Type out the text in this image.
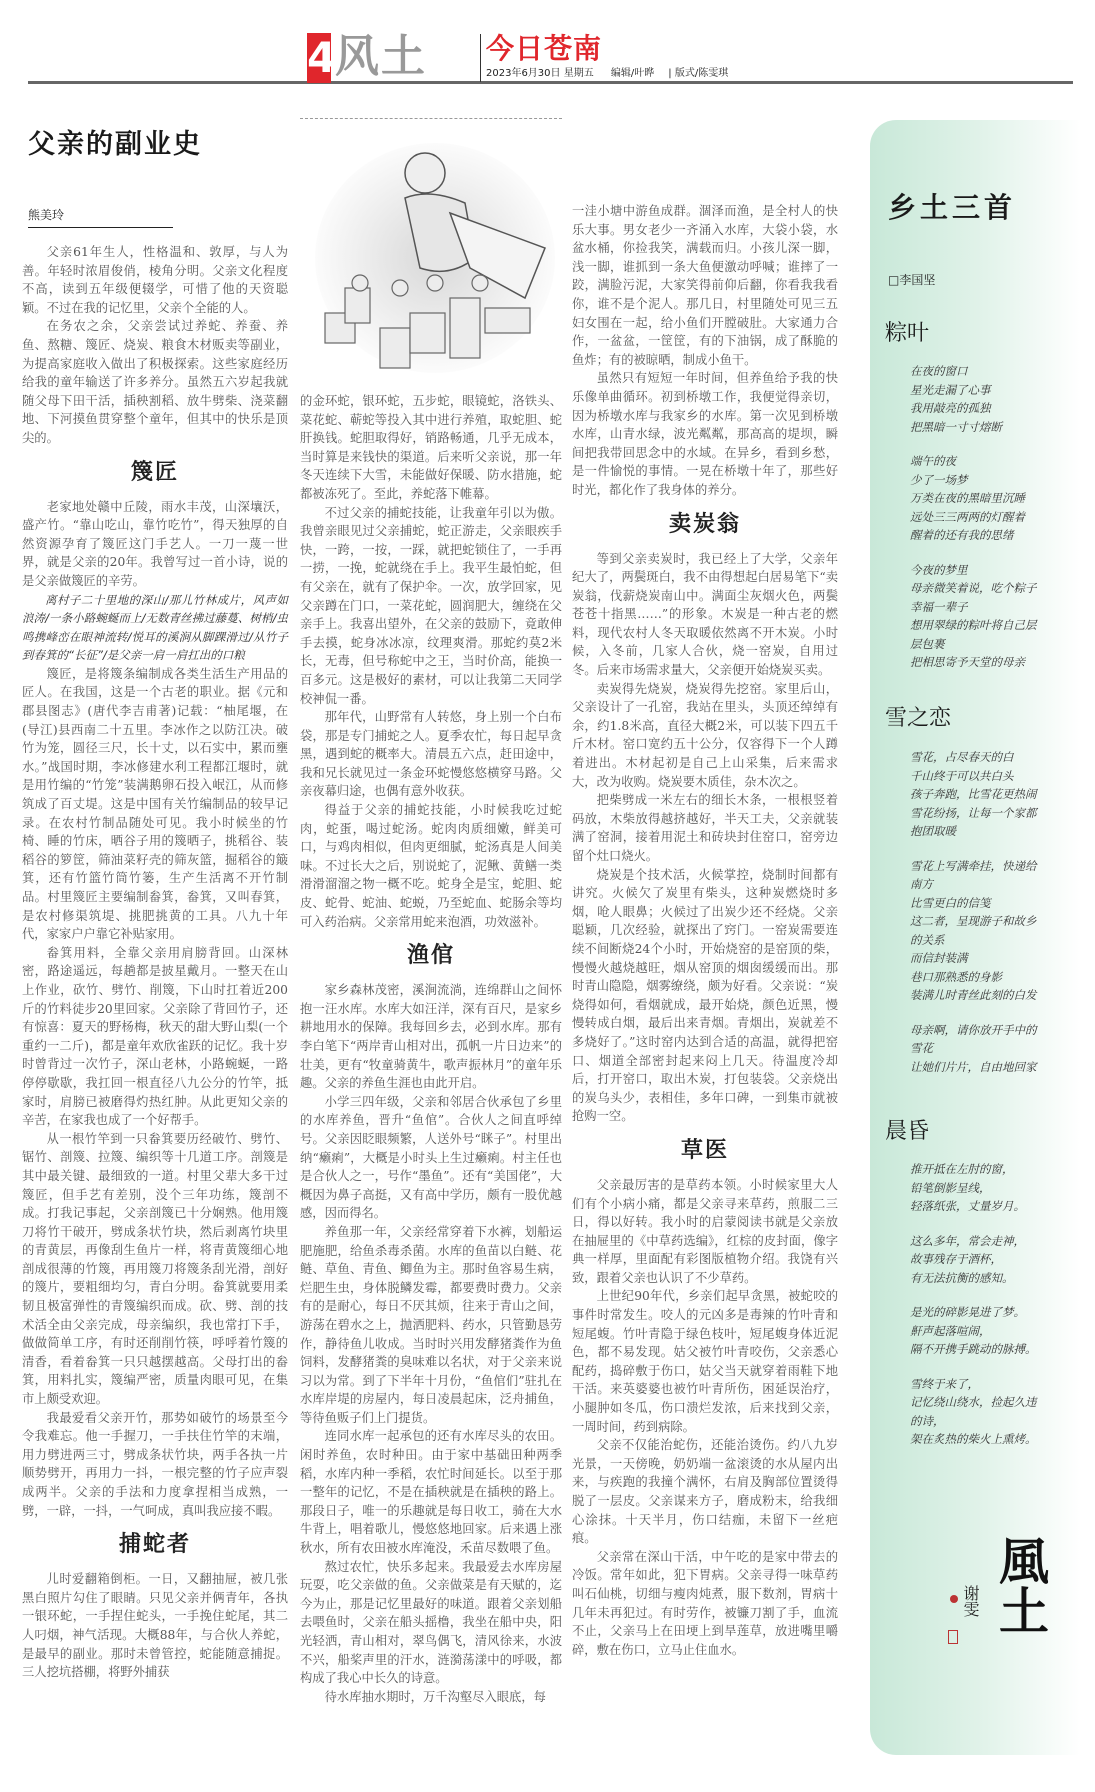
4
风土 今日苍南
2023年6月30日 星期五 编辑/叶晔 | 版式/陈雯琪
父亲的副业史
熊美玲

父亲61年生人，性格温和、敦厚，与人为善。年轻时浓眉俊俏，棱角分明。父亲文化程度不高，读到五年级便辍学，可惜了他的天资聪颖。不过在我的记忆里，父亲个全能的人。

在务农之余，父亲尝试过养蛇、养蚕、养鱼、熬糖、篾匠、烧炭、粮食木材贩卖等副业，为提高家庭收入做出了积极探索。这些家庭经历给我的童年输送了许多养分。虽然五六岁起我就随父母下田干活，插秧割稻、放牛劈柴、浇菜翻地、下河摸鱼贯穿整个童年，但其中的快乐是顶尖的。

篾匠

老家地处赣中丘陵，雨水丰茂，山深壤沃，盛产竹。“靠山吃山，靠竹吃竹”，得天独厚的自然资源孕育了篾匠这门手艺人。一刀一蔑一世界，就是父亲的20年。我曾写过一首小诗，说的是父亲做篾匠的辛劳。

离村子二十里地的深山/那儿竹林成片，风声如浪涛/一条小路蜿蜒而上/无数青丝拂过藤蔓、树梢/虫鸣携峰峦在眼神流转/悦耳的溪涧从脚踝滑过/从竹子到春箕的“长征”/是父亲一肩一肩扛出的口粮

篾匠，是将篾条编制成各类生活生产用品的匠人。在我国，这是一个古老的职业。据《元和郡县图志》(唐代李吉甫著)记载：“柚尾堰，在(导江)县西南二十五里。李冰作之以防江决。破竹为笼，圆径三尺，长十丈，以石实中，累而壅水。”战国时期，李冰修建水利工程都江堰时，就是用竹编的“竹笼”装满鹅卵石投入岷江，从而修筑成了百丈堤。这是中国有关竹编制品的较早记录。在农村竹制品随处可见。我小时候坐的竹椅、睡的竹床，晒谷子用的篾晒子，挑稻谷、装稻谷的箩筐，筛油菜籽壳的筛灰篮，掘稻谷的簸箕，还有竹篮竹筒竹篓，生产生活离不开竹制品。村里篾匠主要编制畚箕，畚箕，又叫春箕，是农村修渠筑堤、挑肥挑黄的工具。八九十年代，家家户户靠它补贴家用。

畚箕用料，全靠父亲用肩膀背回。山深林密，路途遥远，每趟都是披星戴月。一整天在山上作业，砍竹、劈竹、削篾，下山时扛着近200斤的竹料徒步20里回家。父亲除了背回竹子，还有惊喜：夏天的野杨梅，秋天的甜大野山梨(一个重约一二斤)，都是童年欢欣雀跃的记忆。我十岁时曾背过一次竹子，深山老林，小路蜿蜒，一路停停歇歇，我扛回一根直径八九公分的竹竿，抵家时，肩膀已被磨得灼热红肿。从此更知父亲的辛苦，在家我也成了一个好帮手。

从一根竹竿到一只畚箕要历经破竹、劈竹、锯竹、剖篾、拉篾、编织等十几道工序。剖篾是其中最关键、最细致的一道。村里父辈大多干过篾匠，但手艺有差别，没个三年功练，篾剖不成。打我记事起，父亲剖篾已十分娴熟。他用篾刀将竹干破开，劈成条状竹块，然后剥离竹块里的青黄层，再像刮生鱼片一样，将青黄篾细心地剖成很薄的竹篾，再用篾刀将篾条刮光滑，剖好的篾片，要粗细均匀，青白分明。畚箕就要用柔韧且极富弹性的青篾编织而成。砍、劈、剖的技术活全由父亲完成，母亲编织，我也常打下手，做做简单工序，有时还削削竹筷，呼呼着竹篾的清香，看着畚箕一只只越摆越高。父母打出的畚箕，用料扎实，篾编严密，质量肉眼可见，在集市上颇受欢迎。

我最爱看父亲开竹，那势如破竹的场景至今令我难忘。他一手握刀，一手扶住竹竿的末端，用力劈进两三寸，劈成条状竹块，两手各执一片顺势劈开，再用力一抖，一根完整的竹子应声裂成两半。父亲的手法和力度拿捏相当成熟，一劈，一辟，一抖，一气呵成，真叫我应接不暇。

捕蛇者

儿时爱翻箱倒柜。一日，又翻抽屉，被几张黑白照片勾住了眼睛。只见父亲并俩青年，各执一银环蛇，一手捏住蛇头，一手挽住蛇尾，其二人叼烟，神气活现。大概88年，与合伙人养蛇，是最早的副业。那时未曾管控，蛇能随意捕捉。三人挖坑搭棚，将野外捕获

的金环蛇，银环蛇，五步蛇，眼镜蛇，洛铁头、菜花蛇、蕲蛇等投入其中进行养殖，取蛇胆、蛇肝换钱。蛇胆取得好，销路畅通，几乎无成本，当时算是来钱快的渠道。后来听父亲说，那一年冬天连续下大雪，未能做好保暖、防水措施，蛇都被冻死了。至此，养蛇落下帷幕。

不过父亲的捕蛇技能，让我童年引以为傲。我曾亲眼见过父亲捕蛇，蛇正游走，父亲眼疾手快，一跨，一按，一踩，就把蛇锁住了，一手再一捞，一挽，蛇就绕在手上。我平生最怕蛇，但有父亲在，就有了保护伞。一次，放学回家，见父亲蹲在门口，一菜花蛇，圆润肥大，缠绕在父亲手上。我喜出望外，在父亲的鼓励下，竟敢伸手去摸，蛇身冰冰凉，纹理爽滑。那蛇约莫2米长，无毒，但号称蛇中之王，当时价高，能换一百多元。这是极好的素材，可以让我第二天同学校神侃一番。

那年代，山野常有人转悠，身上别一个白布袋，那是专门捕蛇之人。夏季农忙，每日起早贪黑，遇到蛇的概率大。清晨五六点，赶田途中，我和兄长就见过一条金环蛇慢悠悠横穿马路。父亲夜幕归途，也偶有意外收获。

得益于父亲的捕蛇技能，小时候我吃过蛇肉，蛇蛋，喝过蛇汤。蛇肉肉质细嫩，鲜美可口，与鸡肉相似，但肉更细腻，蛇汤真是人间美味。不过长大之后，别说蛇了，泥鳅、黄鳝一类滑滑溜溜之物一概不吃。蛇身全是宝，蛇胆、蛇皮、蛇骨、蛇油、蛇蜕，乃至蛇血、蛇肠余等均可入药治病。父亲常用蛇来泡酒，功效滋补。

渔倌

家乡森林茂密，溪涧流淌，连绵群山之间怀抱一汪水库。水库大如汪洋，深有百尺，是家乡耕地用水的保障。我每回乡去，必到水库。那有李白笔下“两岸青山相对出，孤帆一片日边来”的壮美，更有“牧童骑黄牛，歌声振林月”的童年乐趣。父亲的养鱼生涯也由此开启。

小学三四年级，父亲和邻居合伙承包了乡里的水库养鱼，晋升“鱼倌”。合伙人之间直呼绰号。父亲因眨眼频繁，人送外号“眯子”。村里出纳“癞痢”，大概是小时头上生过癞痢。村主任也是合伙人之一，号作“墨鱼”。还有“美国佬”，大概因为鼻子高挺，又有高中学历，颇有一股优越感，因而得名。

养鱼那一年，父亲经常穿着下水裤，划船运肥施肥，给鱼杀毒杀菌。水库的鱼苗以白鲢、花鲢、草鱼、青鱼、鲫鱼为主。那时鱼容易生病，烂肥生虫，身体脱鳞发霉，都要费时费力。父亲有的是耐心，每日不厌其烦，往来于青山之间，游荡在碧水之上，抛洒肥料、药水，只管勤恳劳作，静待鱼儿收成。当时时兴用发酵猪粪作为鱼饲料，发酵猪粪的臭味难以名状，对于父亲来说习以为常。到了下半年十月份，“鱼倌们”驻扎在水库岸堤的房屋内，每日凌晨起床，泛舟捕鱼，等待鱼贩子们上门提货。

连同水库一起承包的还有水库尽头的农田。闲时养鱼，农时种田。由于家中基础田种两季稻，水库内种一季稻，农忙时间延长。以至于那一整年的记忆，不是在插秧就是在插秧的路上。那段日子，唯一的乐趣就是每日收工，骑在大水牛背上，唱着歌儿，慢悠悠地回家。后来遇上涨秋水，所有农田被水库淹没，禾苗尽数喂了鱼。

熬过农忙，快乐多起来。我最爱去水库房屋玩耍，吃父亲做的鱼。父亲做菜是有天赋的，迄今为止，那是记忆里最好的味道。跟着父亲划船去喂鱼时，父亲在船头摇橹，我坐在船中央，阳光轻洒，青山相对，翠鸟偶飞，清风徐来，水波不兴，船桨声里的汗水，涟漪荡漾中的呼吸，都构成了我心中长久的诗意。

待水库抽水期时，万千沟壑尽入眼底，每

一洼小塘中游鱼成群。涸泽而渔，是全村人的快乐大事。男女老少一齐涌入水库，大袋小袋，水盆水桶，你捡我笑，满载而归。小孩儿深一脚，浅一脚，谁抓到一条大鱼便激动呼喊；谁摔了一跤，满脸污泥，大家笑得前仰后翻，你看我我看你，谁不是个泥人。那几日，村里随处可见三五妇女围在一起，给小鱼们开膛破肚。大家通力合作，一盆盆，一筐筐，有的下油锅，成了酥脆的鱼炸；有的被晾晒，制成小鱼干。

虽然只有短短一年时间，但养鱼给予我的快乐像单曲循环。初到桥墩工作，我便觉得亲切，因为桥墩水库与我家乡的水库。第一次见到桥墩水库，山青水绿，波光粼粼，那高高的堤坝，瞬间把我带回思念中的水域。在异乡，看到乡愁，是一件愉悦的事情。一晃在桥墩十年了，那些好时光，都化作了我身体的养分。

卖炭翁

等到父亲卖炭时，我已经上了大学，父亲年纪大了，两鬓斑白，我不由得想起白居易笔下“卖炭翁，伐薪烧炭南山中。满面尘灰烟火色，两鬓苍苍十指黑……”的形象。木炭是一种古老的燃料，现代农村人冬天取暖依然离不开木炭。小时候，入冬前，几家人合伙，烧一窑炭，自用过冬。后来市场需求量大，父亲便开始烧炭买卖。

卖炭得先烧炭，烧炭得先挖窑。家里后山，父亲设计了一孔窑，我站在里头，头顶还绰绰有余，约1.8米高，直径大概2米，可以装下四五千斤木材。窑口宽约五十公分，仅容得下一个人蹲着进出。木材起初是自己上山采集，后来需求大，改为收购。烧炭要木质佳，杂木次之。

把柴劈成一米左右的细长木条，一根根竖着码放，木柴放得越挤越好，半天工夫，父亲就装满了窑洞，接着用泥土和砖块封住窑口，窑旁边留个灶口烧火。

烧炭是个技术活，火候掌控，烧制时间都有讲究。火候欠了炭里有柴头，这种炭燃烧时多烟，呛人眼鼻；火候过了出炭少还不经烧。父亲聪颖，几次经验，就探出了窍门。一窑炭需要连续不间断烧24个小时，开始烧窑的是窑顶的柴，慢慢火越烧越旺，烟从窑顶的烟囱缓缓而出。那时青山隐隐，烟雾缭绕，颇为好看。父亲说：“炭烧得如何，看烟就成，最开始烧，颜色近黑，慢慢转成白烟，最后出来青烟。青烟出，炭就差不多烧好了。”这时窑内达到合适的高温，就得把窑口、烟道全部密封起来闷上几天。待温度冷却后，打开窑口，取出木炭，打包装袋。父亲烧出的炭乌头少，表相佳，多年口碑，一到集市就被抢购一空。

草医

父亲最厉害的是草药本领。小时候家里大人们有个小病小痛，都是父亲寻来草药，煎服二三日，得以好转。我小时的启蒙阅读书就是父亲放在抽屉里的《中草药选编》，红棕的皮封面，像字典一样厚，里面配有彩图版植物介绍。我饶有兴致，跟着父亲也认识了不少草药。

上世纪90年代，乡亲们起早贪黑，被蛇咬的事件时常发生。咬人的元凶多是毒辣的竹叶青和短尾蝮。竹叶青隐于绿色枝叶，短尾蝮身体近泥色，都不易发现。姑父被竹叶青咬伤，父亲悉心配药，捣碎敷于伤口，姑父当天就穿着雨鞋下地干活。来英婆婆也被竹叶青所伤，困延误治疗，小腿肿如冬瓜，伤口溃烂发浓，后来找到父亲，一周时间，药到病除。

父亲不仅能治蛇伤，还能治烫伤。约八九岁光景，一天傍晚，奶奶端一盆滚烫的水从屋内出来，与疾跑的我撞个满怀，右肩及胸部位置烫得脱了一层皮。父亲谋来方子，磨成粉末，给我细心涂抹。十天半月，伤口结痂，未留下一丝疤痕。

父亲常在深山干活，中午吃的是家中带去的冷饭。常年如此，犯下胃病。父亲寻得一味草药叫石仙桃，切细与瘦肉炖煮，服下数剂，胃病十几年未再犯过。有时劳作，被镰刀割了手，血流不止，父亲马上在田埂上到旱莲草，放进嘴里嚼碎，敷在伤口，立马止住血水。

乡土三首
□李国坚
粽叶
在夜的窗口
星光走漏了心事
我用敲亮的孤独
把黑暗一寸寸熔断
端午的夜
少了一场梦
万类在夜的黑暗里沉睡
远处三三两两的灯醒着
醒着的还有我的思绪
今夜的梦里
母亲微笑着说，吃个粽子
幸福一辈子
想用翠绿的粽叶将自己层
层包裹
把相思寄予天堂的母亲
雪之恋
雪花，占尽春天的白
千山终于可以共白头
孩子奔跑，比雪花更热闹
雪花纷扬，让每一个家都
抱团取暖
雪花上写满牵挂，快递给
南方
比雪更白的信笺
这二者，呈现游子和故乡
的关系
而信封装满
巷口那熟悉的身影
装满儿时青丝此刻的白发
母亲啊，请你放开手中的
雪花
让她们片片，自由地回家
晨昏
推开抵在左肘的窗，
铅笔倒影呈线，
轻落纸张，丈量岁月。
这么多年，常会走神，
故事残存于酒杯，
有无法抗衡的感知。
是光的碎影晃进了梦。
鼾声起落喧闹，
隔不开携手跳动的脉搏。
雪终于来了，
记忆绕山绕水，捡起久违
的诗，
架在炙热的柴火上熏烤。
風土
谢雯
